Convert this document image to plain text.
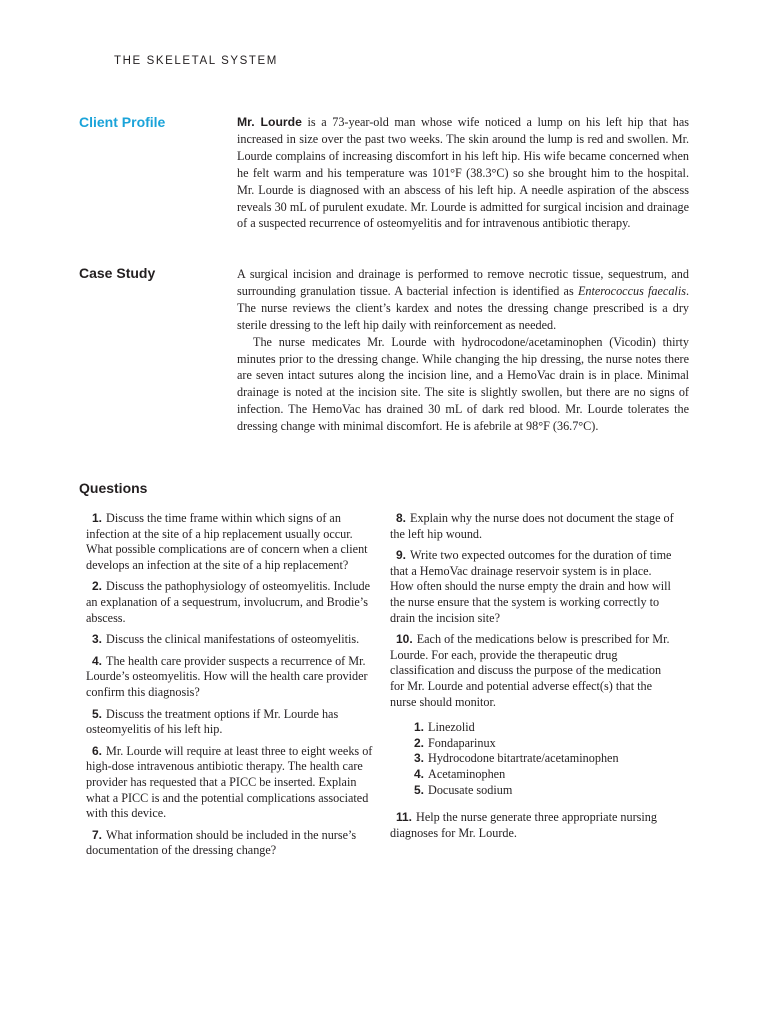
THE SKELETAL SYSTEM
Client Profile	Mr. Lourde is a 73-year-old man whose wife noticed a lump on his left hip that has increased in size over the past two weeks. The skin around the lump is red and swollen. Mr. Lourde complains of increasing discomfort in his left hip. His wife became concerned when he felt warm and his temperature was 101°F (38.3°C) so she brought him to the hospital. Mr. Lourde is diagnosed with an abscess of his left hip. A needle aspiration of the abscess reveals 30 mL of purulent exudate. Mr. Lourde is admitted for surgical incision and drainage of a suspected recurrence of osteomyelitis and for intravenous antibiotic therapy.
Case Study	A surgical incision and drainage is performed to remove necrotic tissue, sequestrum, and surrounding granulation tissue. A bacterial infection is identified as Enterococcus faecalis. The nurse reviews the client’s kardex and notes the dressing change prescribed is a dry sterile dressing to the left hip daily with reinforcement as needed.

The nurse medicates Mr. Lourde with hydrocodone/acetaminophen (Vicodin) thirty minutes prior to the dressing change. While changing the hip dressing, the nurse notes there are seven intact sutures along the incision line, and a HemoVac drain is in place. Minimal drainage is noted at the incision site. The site is slightly swollen, but there are no signs of infection. The HemoVac has drained 30 mL of dark red blood. Mr. Lourde tolerates the dressing change with minimal discomfort. He is afebrile at 98°F (36.7°C).

Questions

1. Discuss the time frame within which signs of an infection at the site of a hip replacement usually occur. What possible complications are of concern when a client develops an infection at the site of a hip replacement?

2. Discuss the pathophysiology of osteomyelitis. Include an explanation of a sequestrum, involucrum, and Brodie’s abscess.

3. Discuss the clinical manifestations of osteomyelitis.

4. The health care provider suspects a recurrence of Mr. Lourde’s osteomyelitis. How will the health care provider confirm this diagnosis?

5. Discuss the treatment options if Mr. Lourde has osteomyelitis of his left hip.

6. Mr. Lourde will require at least three to eight weeks of high-dose intravenous antibiotic therapy. The health care provider has requested that a PICC be inserted. Explain what a PICC is and the potential complications associated with this device.

7. What information should be included in the nurse’s documentation of the dressing change?

8. Explain why the nurse does not document the stage of the left hip wound.

9. Write two expected outcomes for the duration of time that a HemoVac drainage reservoir system is in place. How often should the nurse empty the drain and how will the nurse ensure that the system is working correctly to drain the incision site?

10. Each of the medications below is prescribed for Mr. Lourde. For each, provide the therapeutic drug classification and discuss the purpose of the medication for Mr. Lourde and potential adverse effect(s) that the nurse should monitor.

1. Linezolid
2. Fondaparinux
3. Hydrocodone bitartrate/acetaminophen
4. Acetaminophen
5. Docusate sodium

11. Help the nurse generate three appropriate nursing diagnoses for Mr. Lourde.
